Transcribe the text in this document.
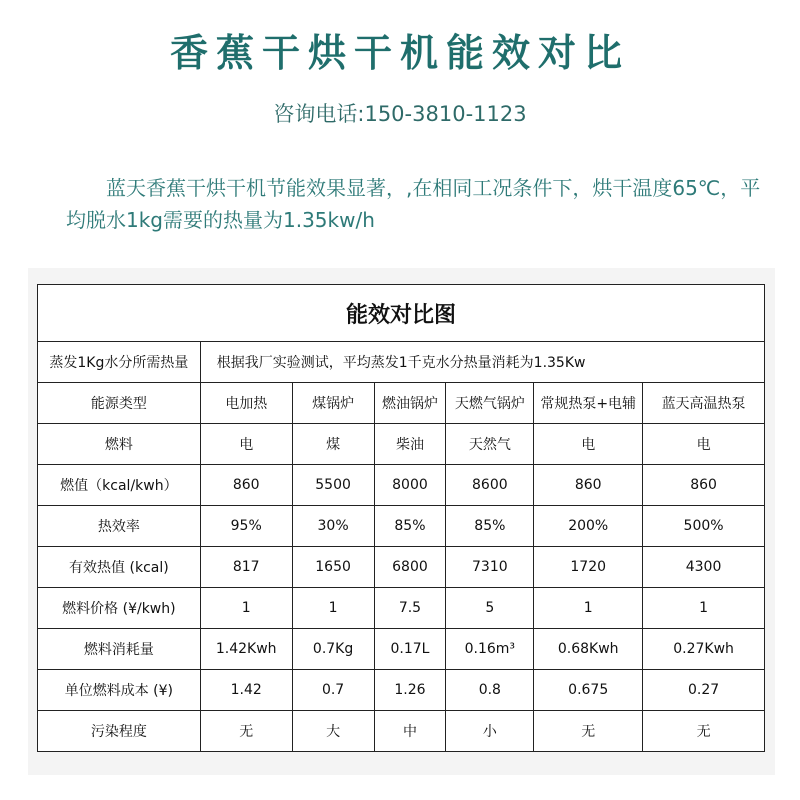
香蕉干烘干机能效对比
咨询电话:150-3810-1123
蓝天香蕉干烘干机节能效果显著，,在相同工况条件下，烘干温度65℃，平均脱水1kg需要的热量为1.35kw/h
能效对比图						
蒸发1Kg水分所需热量	根据我厂实验测试，平均蒸发1千克水分热量消耗为1.35Kw					
能源类型	电加热	煤锅炉	燃油锅炉	天燃气锅炉	常规热泵+电辅	蓝天高温热泵
燃料	电	煤	柴油	天然气	电	电
燃值（kcal/kwh）	860	5500	8000	8600	860	860
热效率	95%	30%	85%	85%	200%	500%
有效热值 (kcal)	817	1650	6800	7310	1720	4300
燃料价格 (¥/kwh)	1	1	7.5	5	1	1
燃料消耗量	1.42Kwh	0.7Kg	0.17L	0.16m³	0.68Kwh	0.27Kwh
单位燃料成本 (¥)	1.42	0.7	1.26	0.8	0.675	0.27
污染程度	无	大	中	小	无	无
